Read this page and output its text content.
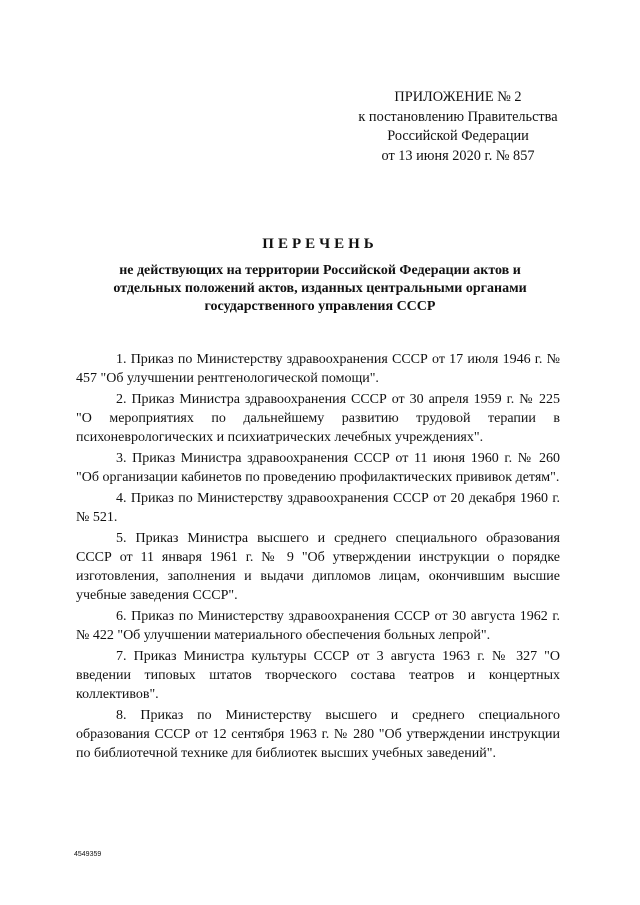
ПРИЛОЖЕНИЕ № 2
к постановлению Правительства
Российской Федерации
от 13 июня 2020 г. № 857
ПЕРЕЧЕНЬ
не действующих на территории Российской Федерации актов и
отдельных положений актов, изданных центральными органами
государственного управления СССР

1. Приказ по Министерству здравоохранения СССР от 17 июля 1946 г. № 457 "Об улучшении рентгенологической помощи".

2. Приказ Министра здравоохранения СССР от 30 апреля 1959 г. № 225 "О мероприятиях по дальнейшему развитию трудовой терапии в психоневрологических и психиатрических лечебных учреждениях".

3. Приказ Министра здравоохранения СССР от 11 июня 1960 г. № 260 "Об организации кабинетов по проведению профилактических прививок детям".

4. Приказ по Министерству здравоохранения СССР от 20 декабря 1960 г. № 521.

5. Приказ Министра высшего и среднего специального образования СССР от 11 января 1961 г. № 9 "Об утверждении инструкции о порядке изготовления, заполнения и выдачи дипломов лицам, окончившим высшие учебные заведения СССР".

6. Приказ по Министерству здравоохранения СССР от 30 августа 1962 г. № 422 "Об улучшении материального обеспечения больных лепрой".

7. Приказ Министра культуры СССР от 3 августа 1963 г. № 327 "О введении типовых штатов творческого состава театров и концертных коллективов".

8. Приказ по Министерству высшего и среднего специального образования СССР от 12 сентября 1963 г. № 280 "Об утверждении инструкции по библиотечной технике для библиотек высших учебных заведений".

4549359
